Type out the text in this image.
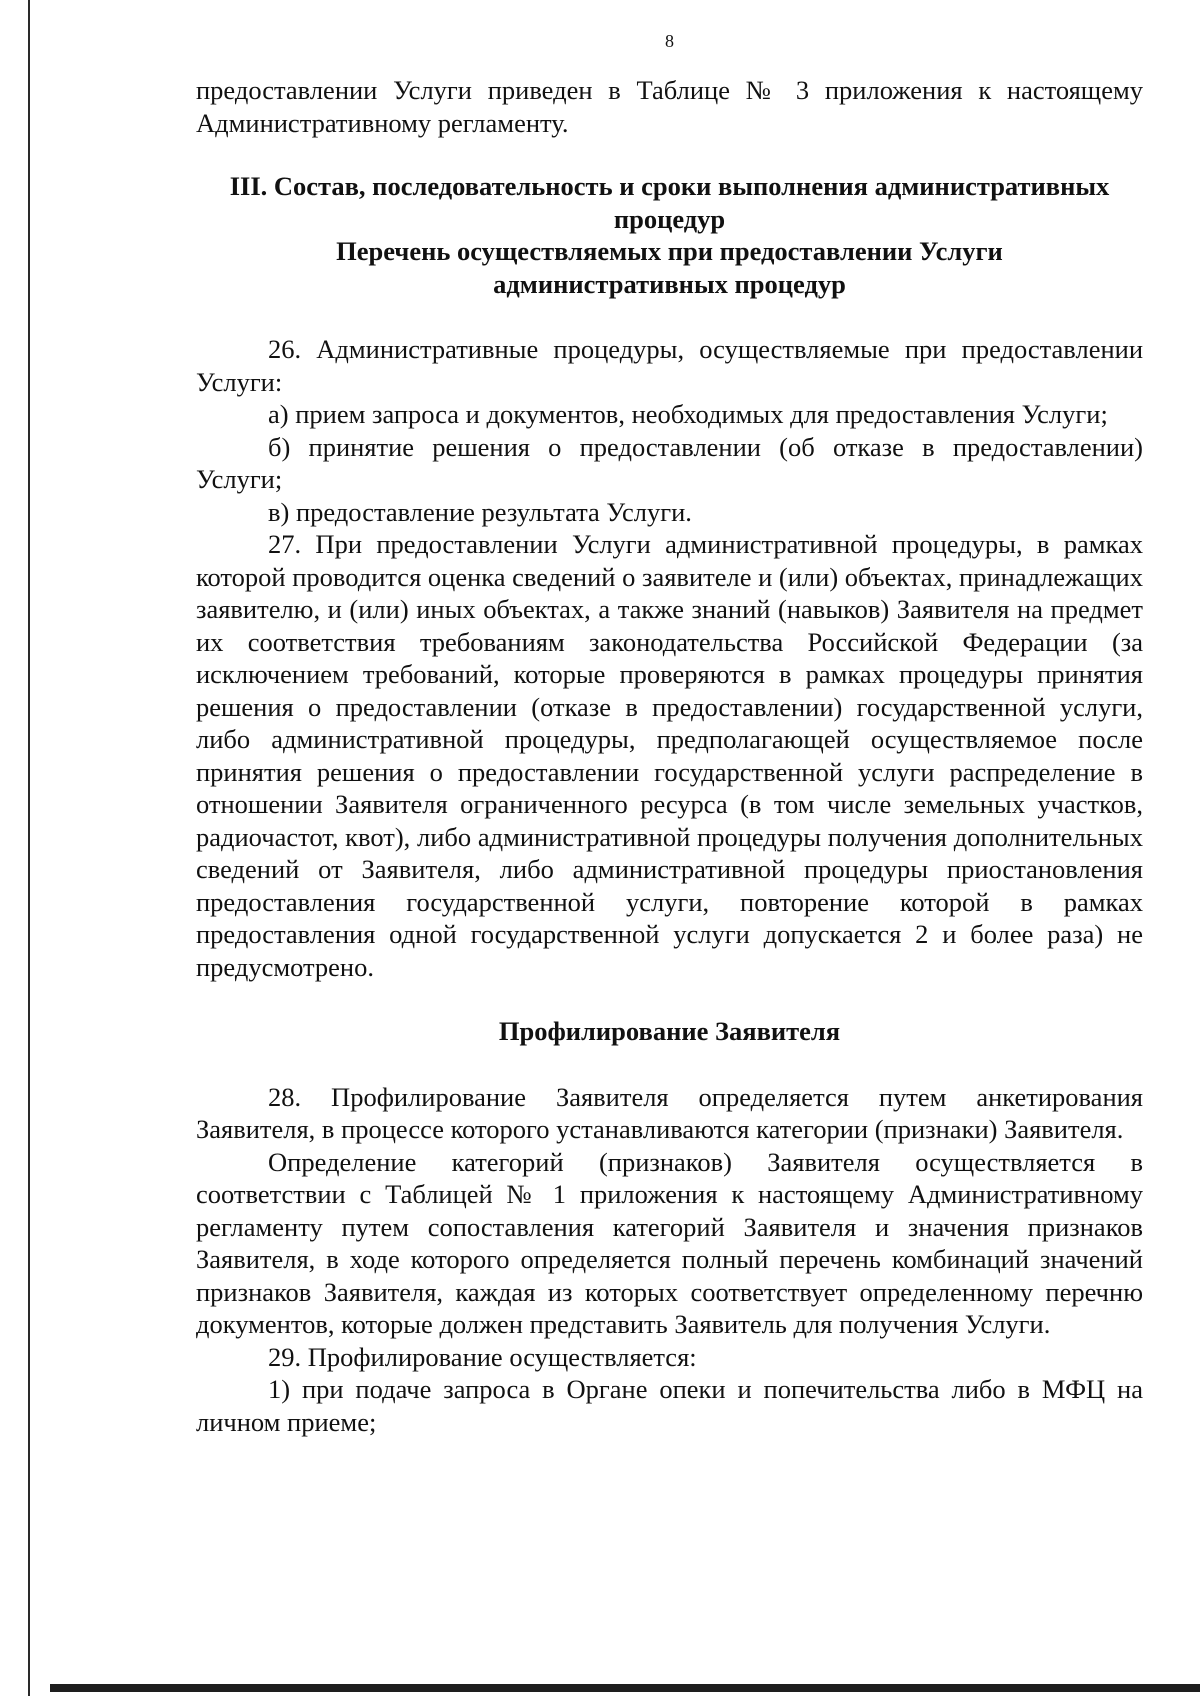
8

предоставлении Услуги приведен в Таблице № 3 приложения к настоящему Административному регламенту.

III. Состав, последовательность и сроки выполнения административных
процедур
Перечень осуществляемых при предоставлении Услуги
административных процедур

26. Административные процедуры, осуществляемые при предоставлении Услуги:

а) прием запроса и документов, необходимых для предоставления Услуги;

б) принятие решения о предоставлении (об отказе в предоставлении) Услуги;

в) предоставление результата Услуги.

27. При предоставлении Услуги административной процедуры, в рамках которой проводится оценка сведений о заявителе и (или) объектах, принадлежащих заявителю, и (или) иных объектах, а также знаний (навыков) Заявителя на предмет их соответствия требованиям законодательства Российской Федерации (за исключением требований, которые проверяются в рамках процедуры принятия решения о предоставлении (отказе в предоставлении) государственной услуги, либо административной процедуры, предполагающей осуществляемое после принятия решения о предоставлении государственной услуги распределение в отношении Заявителя ограниченного ресурса (в том числе земельных участков, радиочастот, квот), либо административной процедуры получения дополнительных сведений от Заявителя, либо административной процедуры приостановления предоставления государственной услуги, повторение которой в рамках предоставления одной государственной услуги допускается 2 и более раза) не предусмотрено.

Профилирование Заявителя

28. Профилирование Заявителя определяется путем анкетирования Заявителя, в процессе которого устанавливаются категории (признаки) Заявителя.

Определение категорий (признаков) Заявителя осуществляется в соответствии с Таблицей № 1 приложения к настоящему Административному регламенту путем сопоставления категорий Заявителя и значения признаков Заявителя, в ходе которого определяется полный перечень комбинаций значений признаков Заявителя, каждая из которых соответствует определенному перечню документов, которые должен представить Заявитель для получения Услуги.

29. Профилирование осуществляется:

1) при подаче запроса в Органе опеки и попечительства либо в МФЦ на личном приеме;
